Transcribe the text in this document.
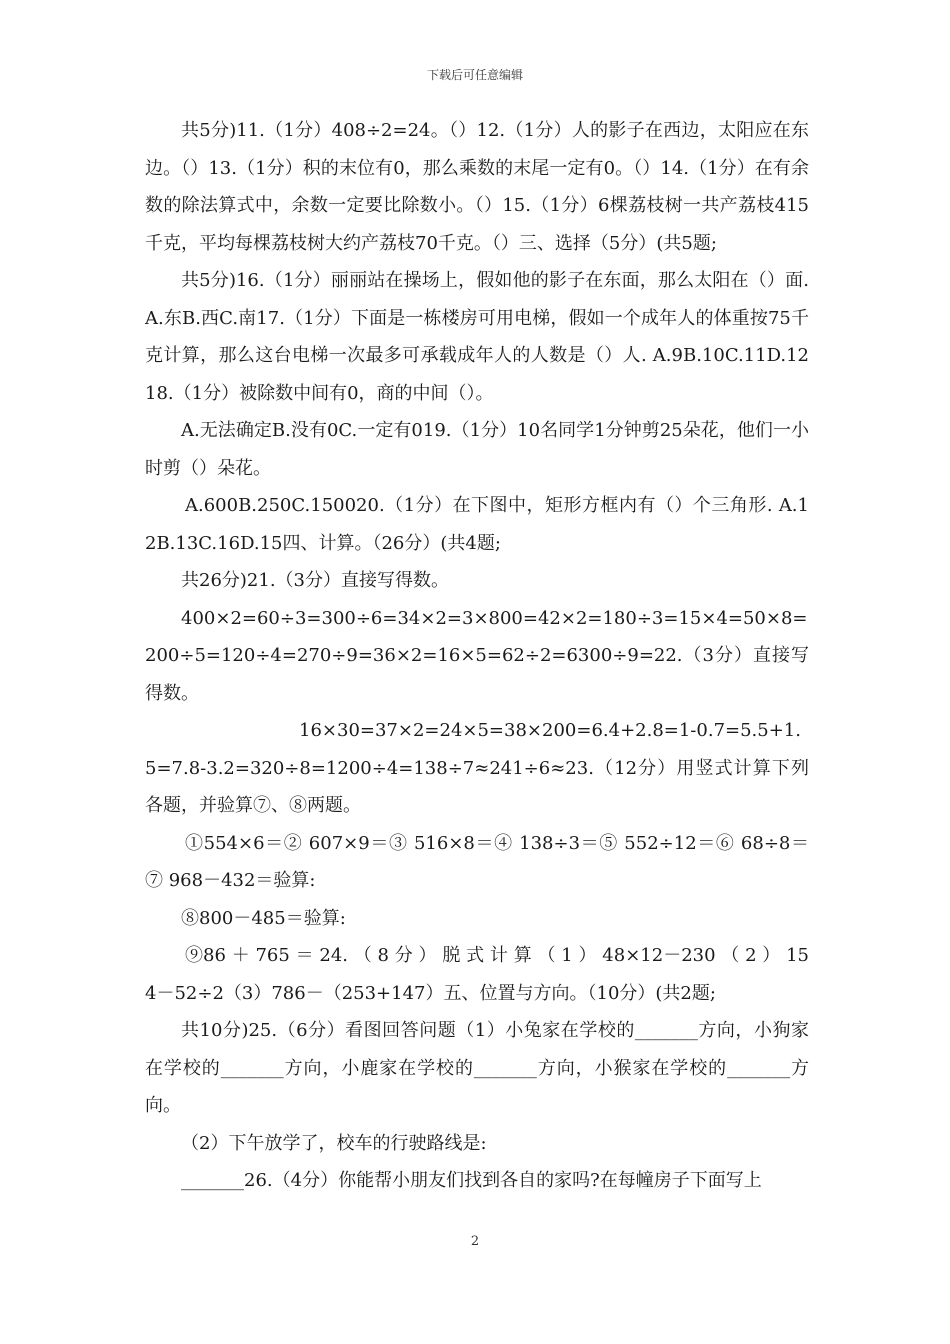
下载后可任意编辑

共5分)11.（1分）408÷2=24。（）12.（1分）人的影子在西边，太阳应在东边。（）13.（1分）积的末位有0，那么乘数的末尾一定有0。（）14.（1分）在有余数的除法算式中，余数一定要比除数小。（）15.（1分）6棵荔枝树一共产荔枝415千克，平均每棵荔枝树大约产荔枝70千克。（）三、选择（5分）(共5题;

共5分)16.（1分）丽丽站在操场上，假如他的影子在东面，那么太阳在（）面. A.东B.西C.南17.（1分）下面是一栋楼房可用电梯，假如一个成年人的体重按75千克计算，那么这台电梯一次最多可承载成年人的人数是（）人. A.9B.10C.11D.1218.（1分）被除数中间有0，商的中间（）。

A.无法确定B.没有0C.一定有019.（1分）10名同学1分钟剪25朵花，他们一小时剪（）朵花。

A.600B.250C.150020.（1分）在下图中，矩形方框内有（）个三角形. A.12B.13C.16D.15四、计算。（26分）(共4题;

共26分)21.（3分）直接写得数。

400×2=60÷3=300÷6=34×2=3×800=42×2=180÷3=15×4=50×8=200÷5=120÷4=270÷9=36×2=16×5=62÷2=6300÷9=22.（3分）直接写得数。

16×30=37×2=24×5=38×200=6.4+2.8=1-0.7=5.5+1.5=7.8-3.2=320÷8=1200÷4=138÷7≈241÷6≈23.（12分）用竖式计算下列各题，并验算⑦、⑧两题。

①554×6＝② 607×9＝③ 516×8＝④ 138÷3＝⑤ 552÷12＝⑥ 68÷8＝⑦ 968－432＝验算:

⑧800－485＝验算:

⑨86 ＋ 765 ＝ 24. （ 8 分 ） 脱 式 计 算 （ 1 ） 48×12－230 （ 2 ） 154－52÷2（3）786－（253+147）五、位置与方向。（10分）(共2题;

共10分)25.（6分）看图回答问题（1）小兔家在学校的_______方向，小狗家在学校的_______方向，小鹿家在学校的_______方向，小猴家在学校的_______方向。

（2）下午放学了，校车的行驶路线是:

_______26.（4分）你能帮小朋友们找到各自的家吗?在每幢房子下面写上

2
